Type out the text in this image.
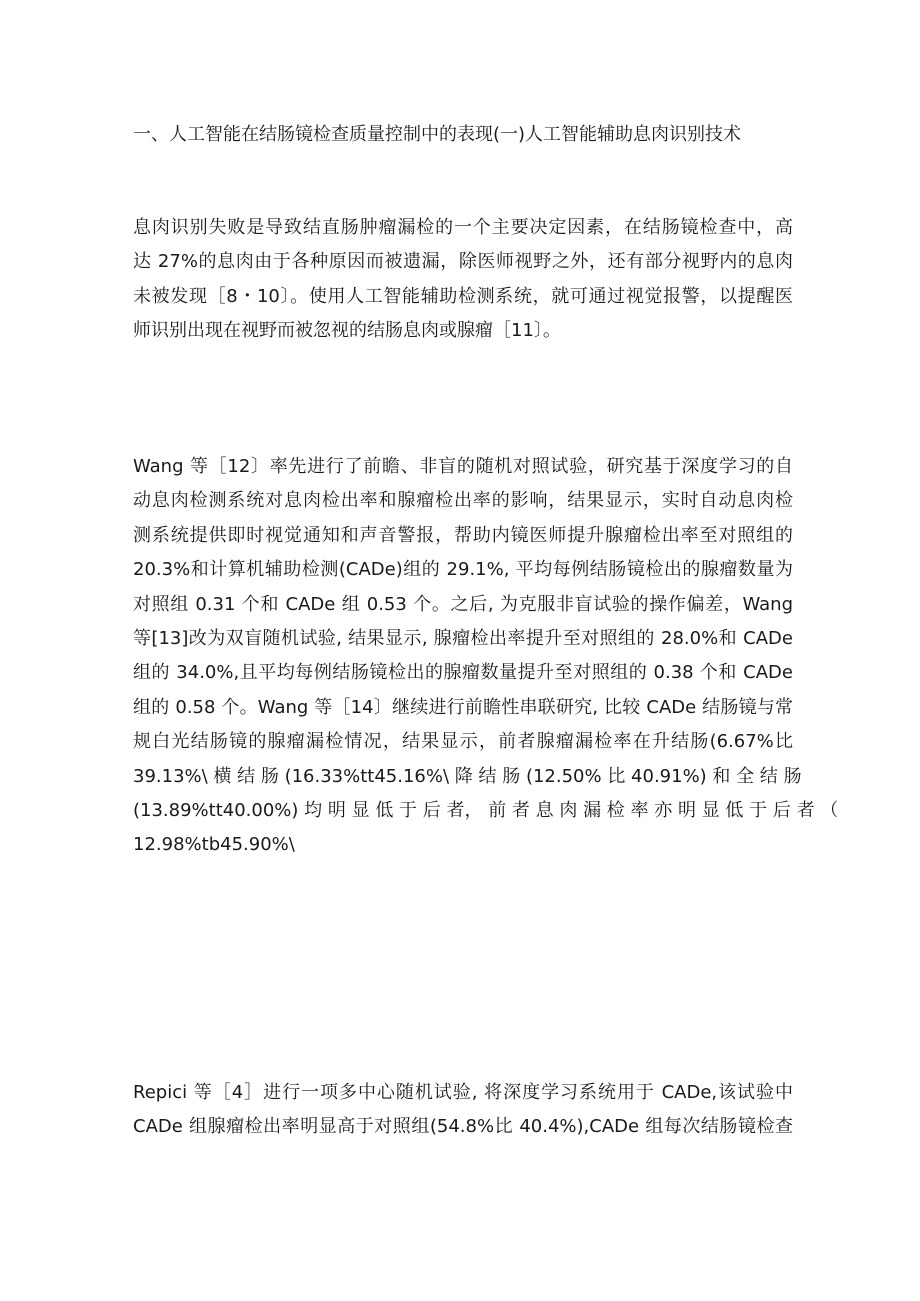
一、人工智能在结肠镜检查质量控制中的表现(一)人工智能辅助息肉识别技术
息肉识别失败是导致结直肠肿瘤漏检的一个主要决定因素，在结肠镜检查中，高
达 27%的息肉由于各种原因而被遗漏，除医师视野之外，还有部分视野内的息肉
未被发现［8・10〕。使用人工智能辅助检测系统，就可通过视觉报警，以提醒医
师识别出现在视野而被忽视的结肠息肉或腺瘤［11〕。
Wang 等［12〕率先进行了前瞻、非盲的随机对照试验，研究基于深度学习的自
动息肉检测系统对息肉检出率和腺瘤检出率的影响，结果显示，实时自动息肉检
测系统提供即时视觉通知和声音警报，帮助内镜医师提升腺瘤检出率至对照组的
20.3%和计算机辅助检测(CADe)组的 29.1%, 平均每例结肠镜检出的腺瘤数量为
对照组 0.31 个和 CADe 组 0.53 个。之后, 为克服非盲试验的操作偏差，Wang
等[13]改为双盲随机试验, 结果显示, 腺瘤检出率提升至对照组的 28.0%和 CADe
组的 34.0%,且平均每例结肠镜检出的腺瘤数量提升至对照组的 0.38 个和 CADe
组的 0.58 个。Wang 等［14〕继续进行前瞻性串联研究, 比较 CADe 结肠镜与常
规白光结肠镜的腺瘤漏检情况，结果显示，前者腺瘤漏检率在升结肠(6.67%比
39.13%\ 横 结 肠 (16.33%tt45.16%\ 降 结 肠 (12.50% 比 40.91%) 和 全 结 肠
(13.89%tt40.00%) 均 明 显 低 于 后 者， 前 者 息 肉 漏 检 率 亦 明 显 低 于 后 者 （
12.98%tb45.90%\
Repici 等［4］进行一项多中心随机试验, 将深度学习系统用于 CADe,该试验中
CADe 组腺瘤检出率明显高于对照组(54.8%比 40.4%),CADe 组每次结肠镜检查
